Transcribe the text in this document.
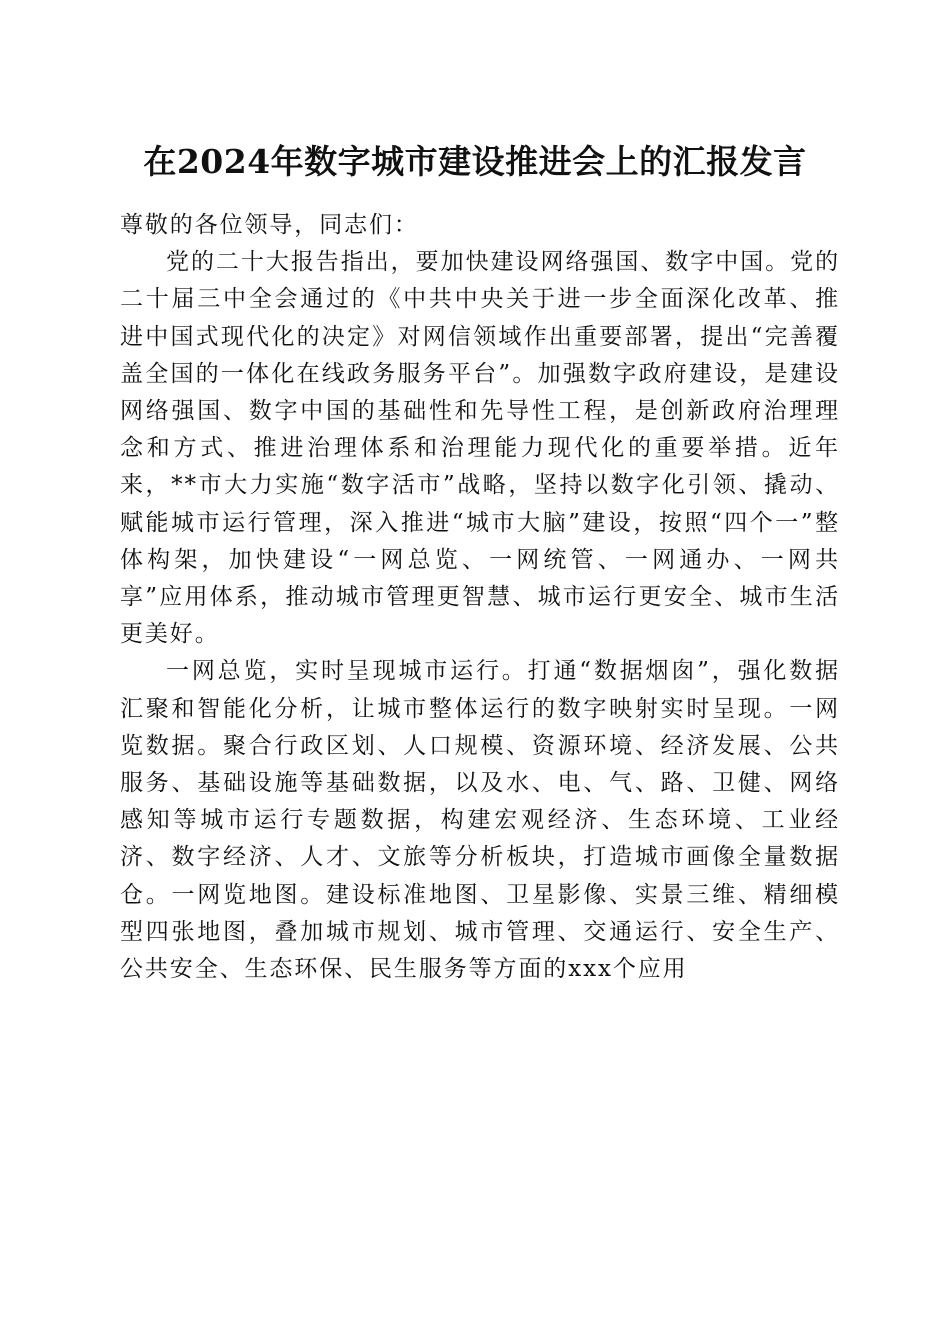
在2024年数字城市建设推进会上的汇报发言

尊敬的各位领导，同志们：

党的二十大报告指出，要加快建设网络强国、数字中国。党的二十届三中全会通过的《中共中央关于进一步全面深化改革、推进中国式现代化的决定》对网信领域作出重要部署，提出“完善覆盖全国的一体化在线政务服务平台”。加强数字政府建设，是建设网络强国、数字中国的基础性和先导性工程，是创新政府治理理念和方式、推进治理体系和治理能力现代化的重要举措。近年来，**市大力实施“数字活市”战略，坚持以数字化引领、撬动、赋能城市运行管理，深入推进“城市大脑”建设，按照“四个一”整体构架，加快建设“一网总览、一网统管、一网通办、一网共享”应用体系，推动城市管理更智慧、城市运行更安全、城市生活更美好。

一网总览，实时呈现城市运行。打通“数据烟囱”，强化数据汇聚和智能化分析，让城市整体运行的数字映射实时呈现。一网览数据。聚合行政区划、人口规模、资源环境、经济发展、公共服务、基础设施等基础数据，以及水、电、气、路、卫健、网络感知等城市运行专题数据，构建宏观经济、生态环境、工业经济、数字经济、人才、文旅等分析板块，打造城市画像全量数据仓。一网览地图。建设标准地图、卫星影像、实景三维、精细模型四张地图，叠加城市规划、城市管理、交通运行、安全生产、公共安全、生态环保、民生服务等方面的xxx个应用
